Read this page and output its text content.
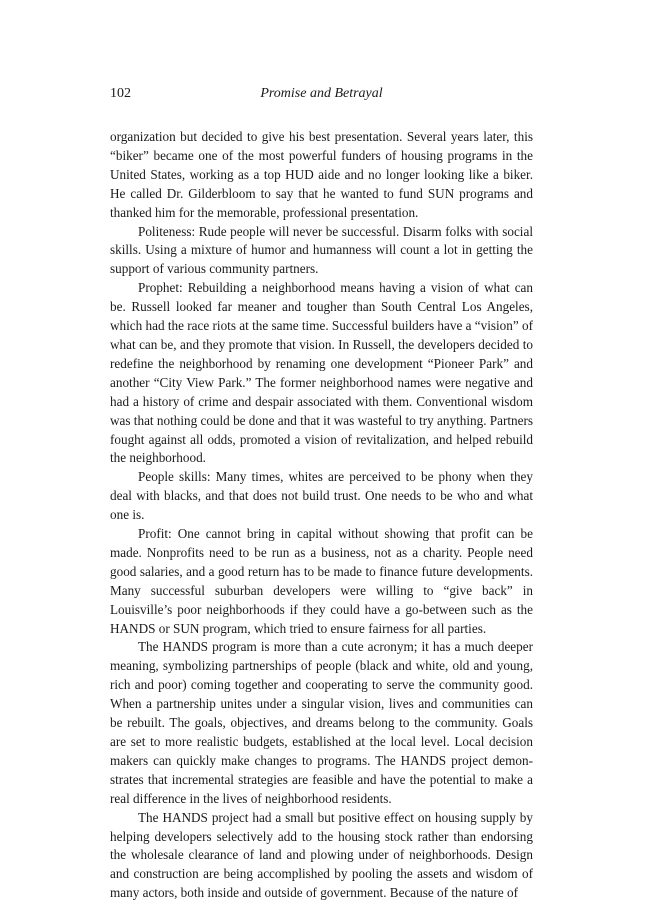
102	Promise and Betrayal

organization but decided to give his best presentation. Several years later, this “biker” became one of the most powerful funders of housing programs in the United States, working as a top HUD aide and no longer looking like a biker. He called Dr. Gilderbloom to say that he wanted to fund SUN programs and thanked him for the memorable, professional presentation.

Politeness: Rude people will never be successful. Disarm folks with social skills. Using a mixture of humor and humanness will count a lot in getting the support of various community partners.

Prophet: Rebuilding a neighborhood means having a vision of what can be. Russell looked far meaner and tougher than South Central Los Angeles, which had the race riots at the same time. Successful builders have a “vision” of what can be, and they promote that vision. In Russell, the developers decided to redefine the neighborhood by renaming one development “Pioneer Park” and another “City View Park.” The former neighborhood names were negative and had a history of crime and despair associated with them. Conventional wisdom was that nothing could be done and that it was wasteful to try anything. Partners fought against all odds, promoted a vision of revitalization, and helped rebuild the neighborhood.

People skills: Many times, whites are perceived to be phony when they deal with blacks, and that does not build trust. One needs to be who and what one is.

Profit: One cannot bring in capital without showing that profit can be made. Nonprofits need to be run as a business, not as a charity. People need good salaries, and a good return has to be made to finance future developments. Many successful suburban developers were willing to “give back” in Louisville’s poor neighborhoods if they could have a go-between such as the HANDS or SUN program, which tried to ensure fairness for all parties.

The HANDS program is more than a cute acronym; it has a much deeper meaning, symbolizing partnerships of people (black and white, old and young, rich and poor) coming together and cooperating to serve the community good. When a partnership unites under a singular vision, lives and communities can be rebuilt. The goals, objectives, and dreams belong to the community. Goals are set to more realistic budgets, established at the local level. Local decision makers can quickly make changes to programs. The HANDS project demonstrates that incremental strategies are feasible and have the potential to make a real difference in the lives of neighborhood residents.

The HANDS project had a small but positive effect on housing supply by helping developers selectively add to the housing stock rather than endorsing the wholesale clearance of land and plowing under of neighborhoods. Design and construction are being accomplished by pooling the assets and wisdom of many actors, both inside and outside of government. Because of the nature of
